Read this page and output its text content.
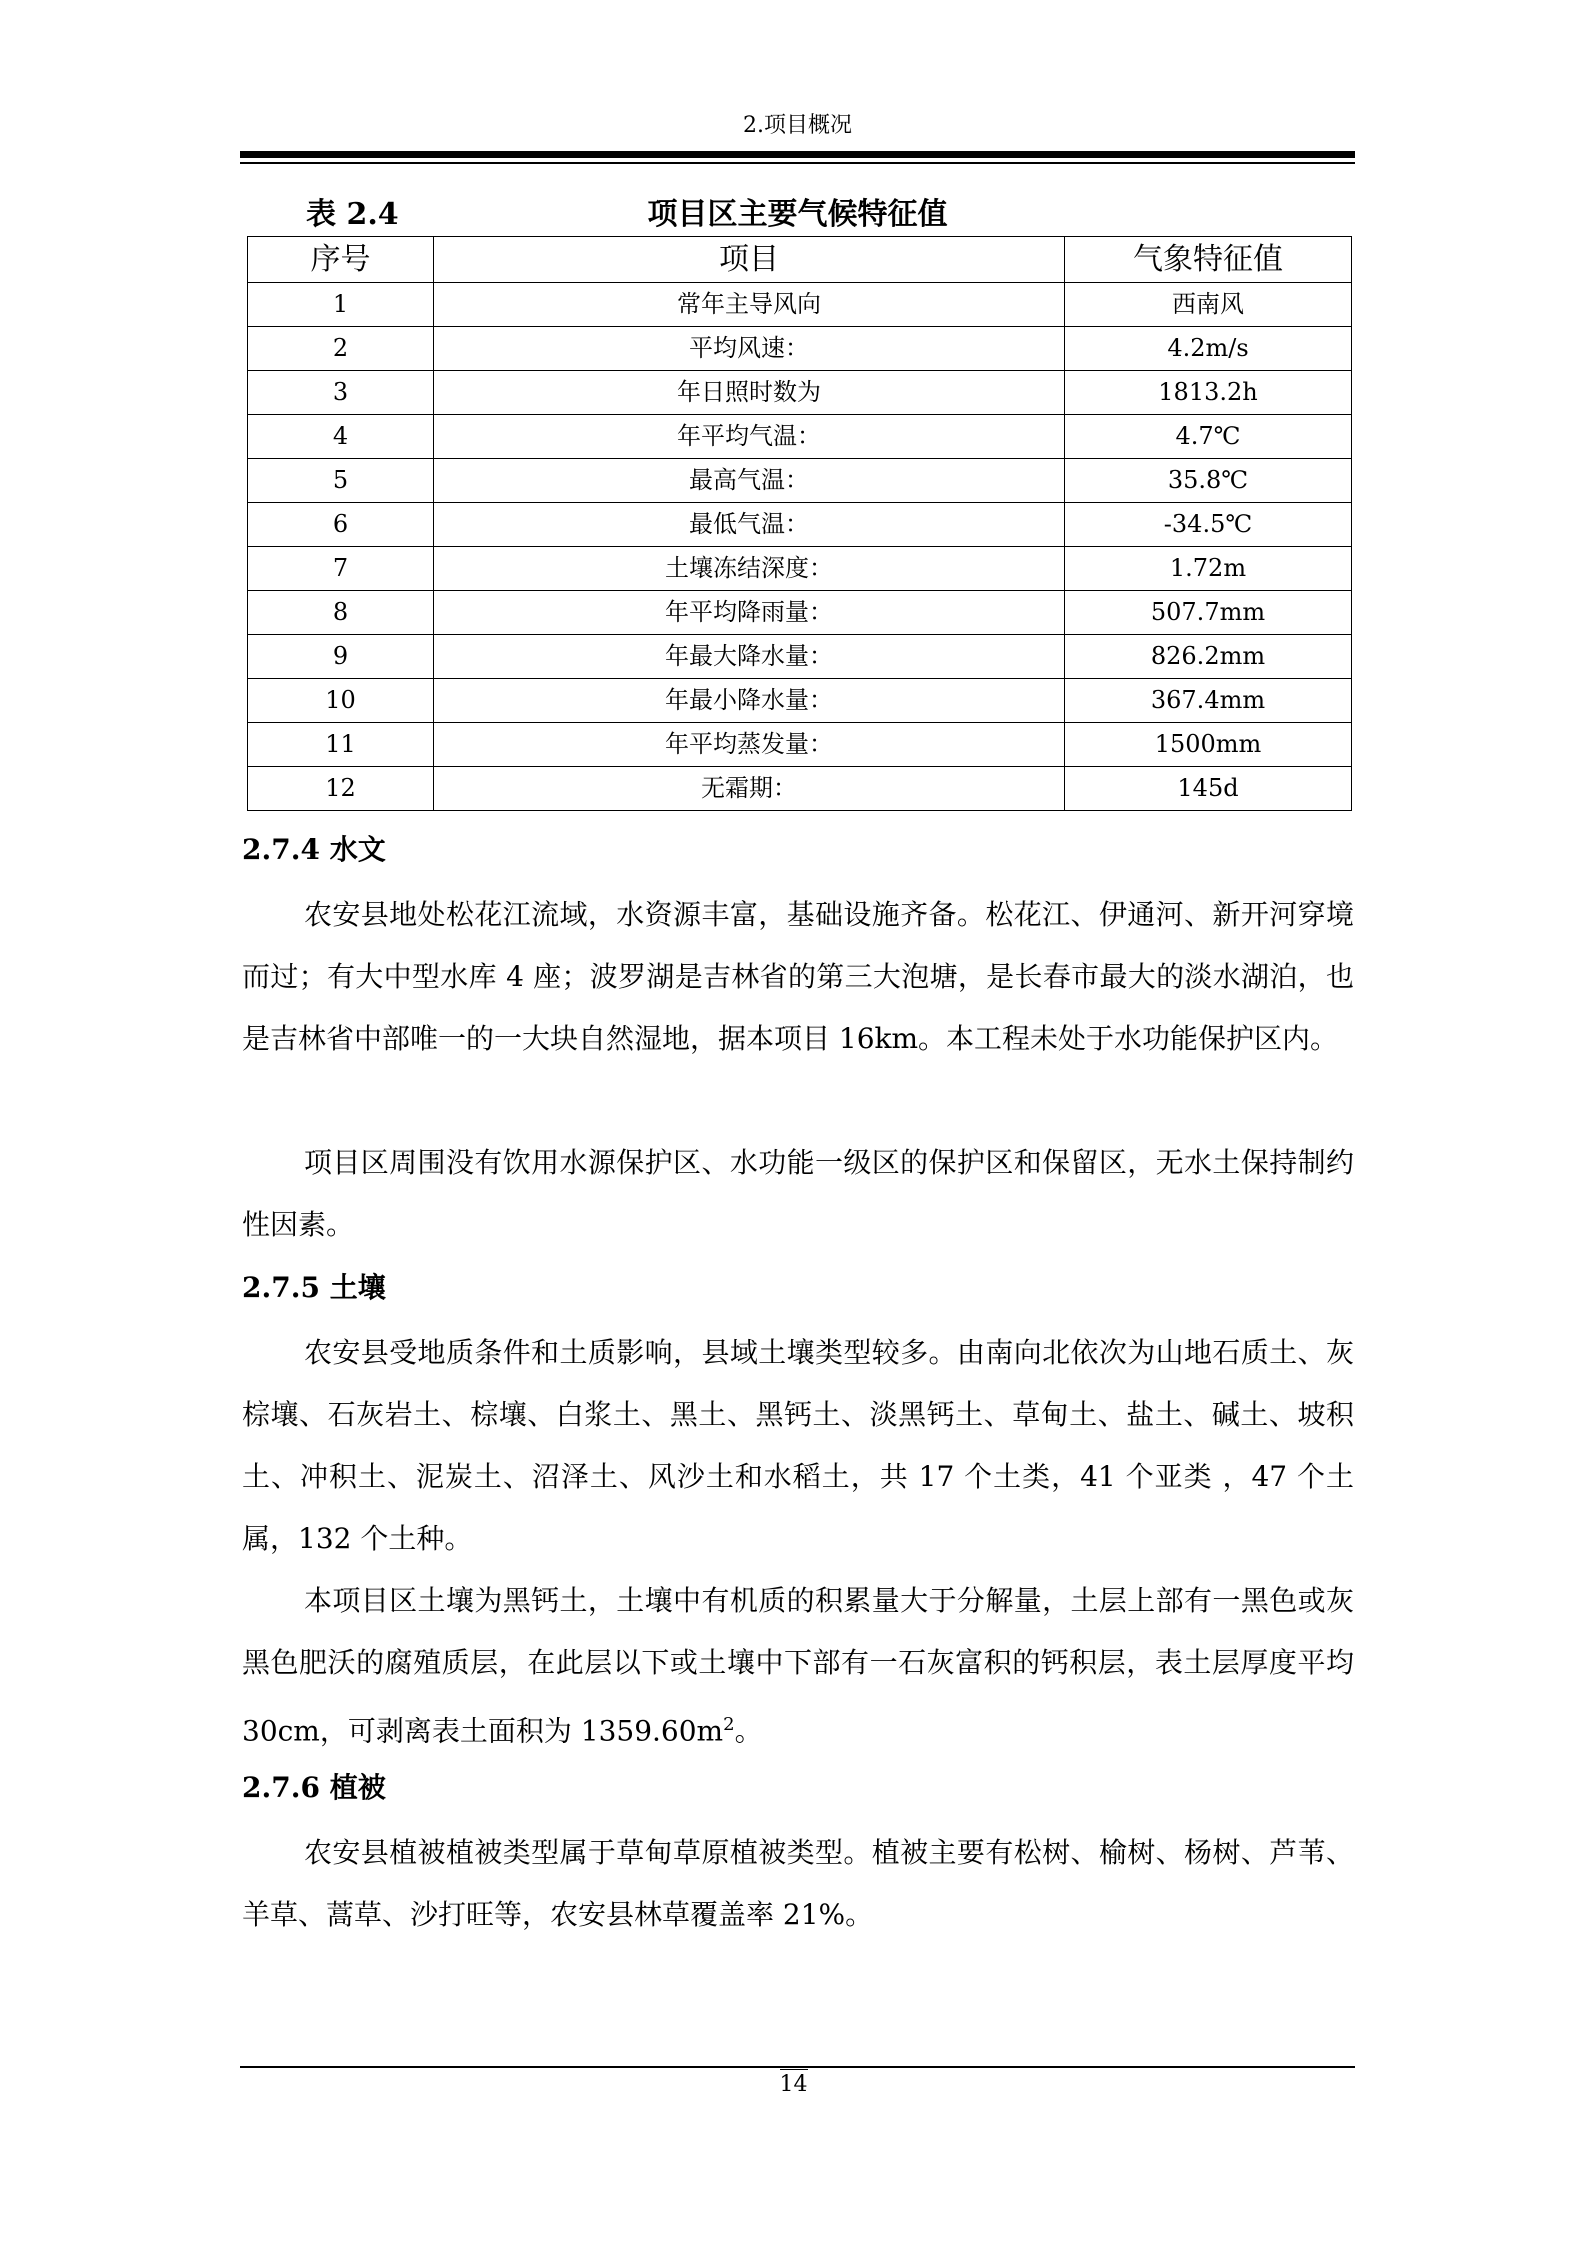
2.项目概况
表 2.4	项目区主要气候特征值
序号	项目	气象特征值
1	常年主导风向	西南风
2	平均风速：	4.2m/s
3	年日照时数为	1813.2h
4	年平均气温：	4.7℃
5	最高气温：	35.8℃
6	最低气温：	-34.5℃
7	土壤冻结深度：	1.72m
8	年平均降雨量：	507.7mm
9	年最大降水量：	826.2mm
10	年最小降水量：	367.4mm
11	年平均蒸发量：	1500mm
12	无霜期：	145d
2.7.4 水文

农安县地处松花江流域，水资源丰富，基础设施齐备。松花江、伊通河、新开河穿境而过；有大中型水库 4 座；波罗湖是吉林省的第三大泡塘，是长春市最大的淡水湖泊，也是吉林省中部唯一的一大块自然湿地，据本项目 16km。本工程未处于水功能保护区内。

项目区周围没有饮用水源保护区、水功能一级区的保护区和保留区，无水土保持制约性因素。

2.7.5 土壤

农安县受地质条件和土质影响，县域土壤类型较多。由南向北依次为山地石质土、灰棕壤、石灰岩土、棕壤、白浆土、黑土、黑钙土、淡黑钙土、草甸土、盐土、碱土、坡积土、冲积土、泥炭土、沼泽土、风沙土和水稻土，共 17 个土类，41 个亚类 ，47 个土属，132 个土种。

本项目区土壤为黑钙土，土壤中有机质的积累量大于分解量，土层上部有一黑色或灰黑色肥沃的腐殖质层，在此层以下或土壤中下部有一石灰富积的钙积层，表土层厚度平均 30cm，可剥离表土面积为 $1359.60m^2$。

2.7.6 植被

农安县植被植被类型属于草甸草原植被类型。植被主要有松树、榆树、杨树、芦苇、羊草、蒿草、沙打旺等，农安县林草覆盖率 21%。

14
